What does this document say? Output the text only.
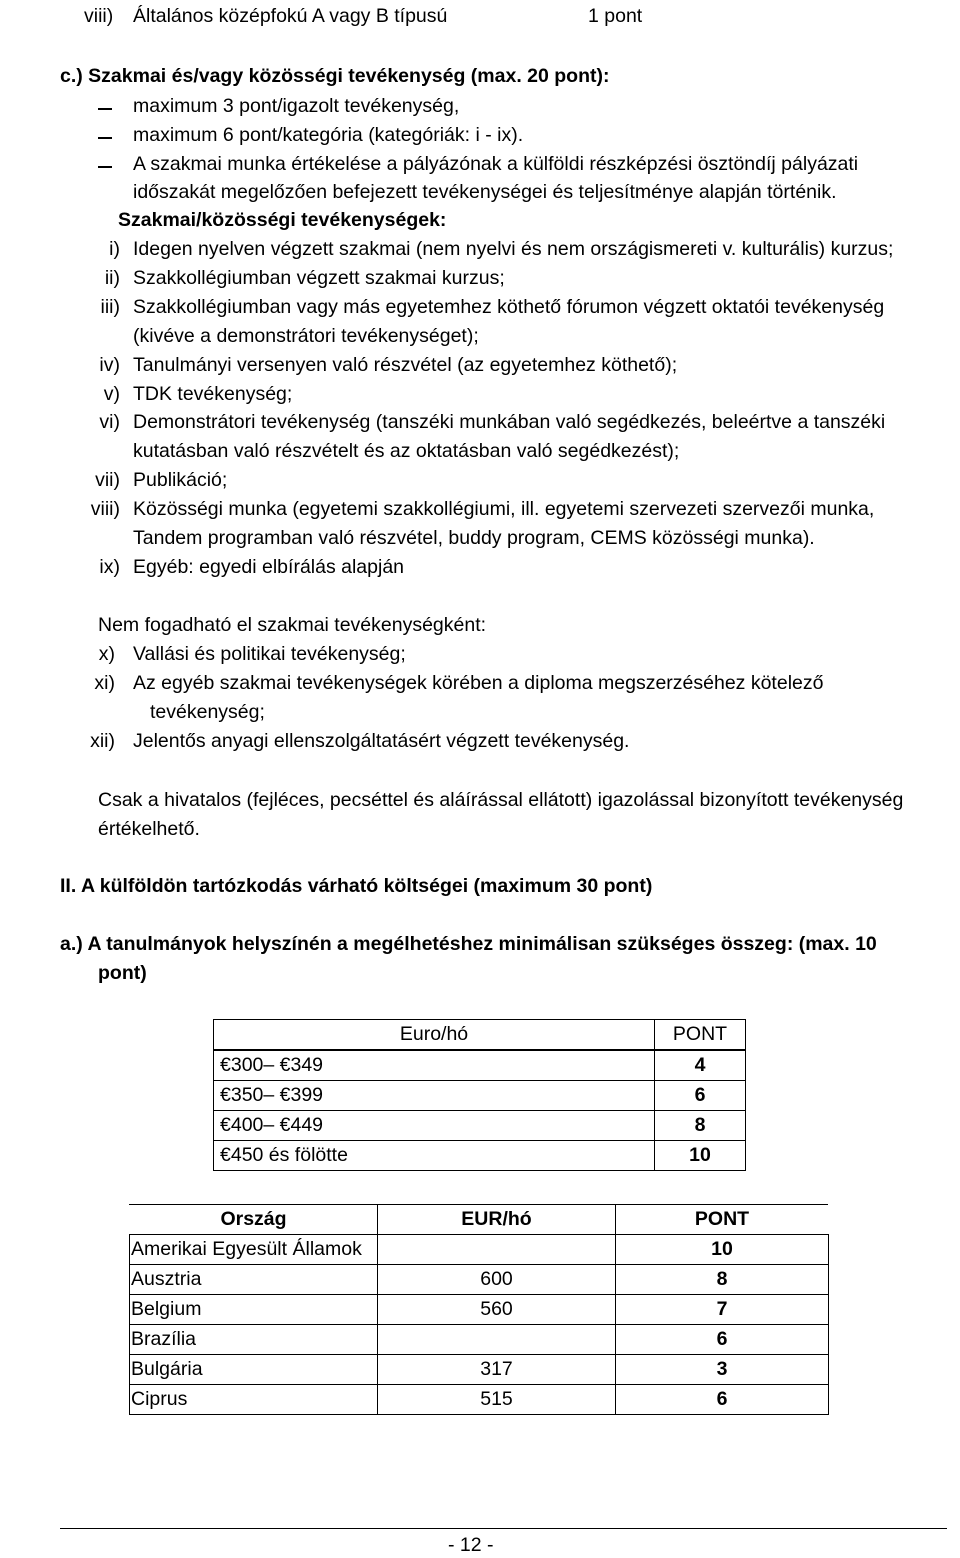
viii) Általános középfokú A vagy B típusú	1 pont
c.) Szakmai és/vagy közösségi tevékenység (max. 20 pont):
maximum 3 pont/igazolt tevékenység,
maximum 6 pont/kategória (kategóriák: i - ix).
A szakmai munka értékelése a pályázónak a külföldi részképzési ösztöndíj pályázati
időszakát megelőzően befejezett tevékenységei és teljesítménye alapján történik.
Szakmai/közösségi tevékenységek:
i) Idegen nyelven végzett szakmai (nem nyelvi és nem országismereti v. kulturális) kurzus;
ii) Szakkollégiumban végzett szakmai kurzus;
iii) Szakkollégiumban vagy más egyetemhez köthető fórumon végzett oktatói tevékenység
(kivéve a demonstrátori tevékenységet);
iv) Tanulmányi versenyen való részvétel (az egyetemhez köthető);
v) TDK tevékenység;
vi) Demonstrátori tevékenység (tanszéki munkában való segédkezés, beleértve a tanszéki
kutatásban való részvételt és az oktatásban való segédkezést);
vii) Publikáció;
viii) Közösségi munka (egyetemi szakkollégiumi, ill. egyetemi szervezeti szervezői munka,
Tandem programban való részvétel, buddy program, CEMS közösségi munka).
ix) Egyéb: egyedi elbírálás alapján
Nem fogadható el szakmai tevékenységként:
x) Vallási és politikai tevékenység;
xi) Az egyéb szakmai tevékenységek körében a diploma megszerzéséhez kötelező
tevékenység;
xii) Jelentős anyagi ellenszolgáltatásért végzett tevékenység.
Csak a hivatalos (fejléces, pecséttel és aláírással ellátott) igazolással bizonyított tevékenység
értékelhető.
II. A külföldön tartózkodás várható költségei (maximum 30 pont)
a.) A tanulmányok helyszínén a megélhetéshez minimálisan szükséges összeg: (max. 10
pont)
Euro/hó	PONT
€300– €349	4
€350– €399	6
€400– €449	8
€450 és fölötte	10
Ország	EUR/hó	PONT
Amerikai Egyesült Államok		10
Ausztria	600	8
Belgium	560	7
Brazília		6
Bulgária	317	3
Ciprus	515	6
- 12 -
